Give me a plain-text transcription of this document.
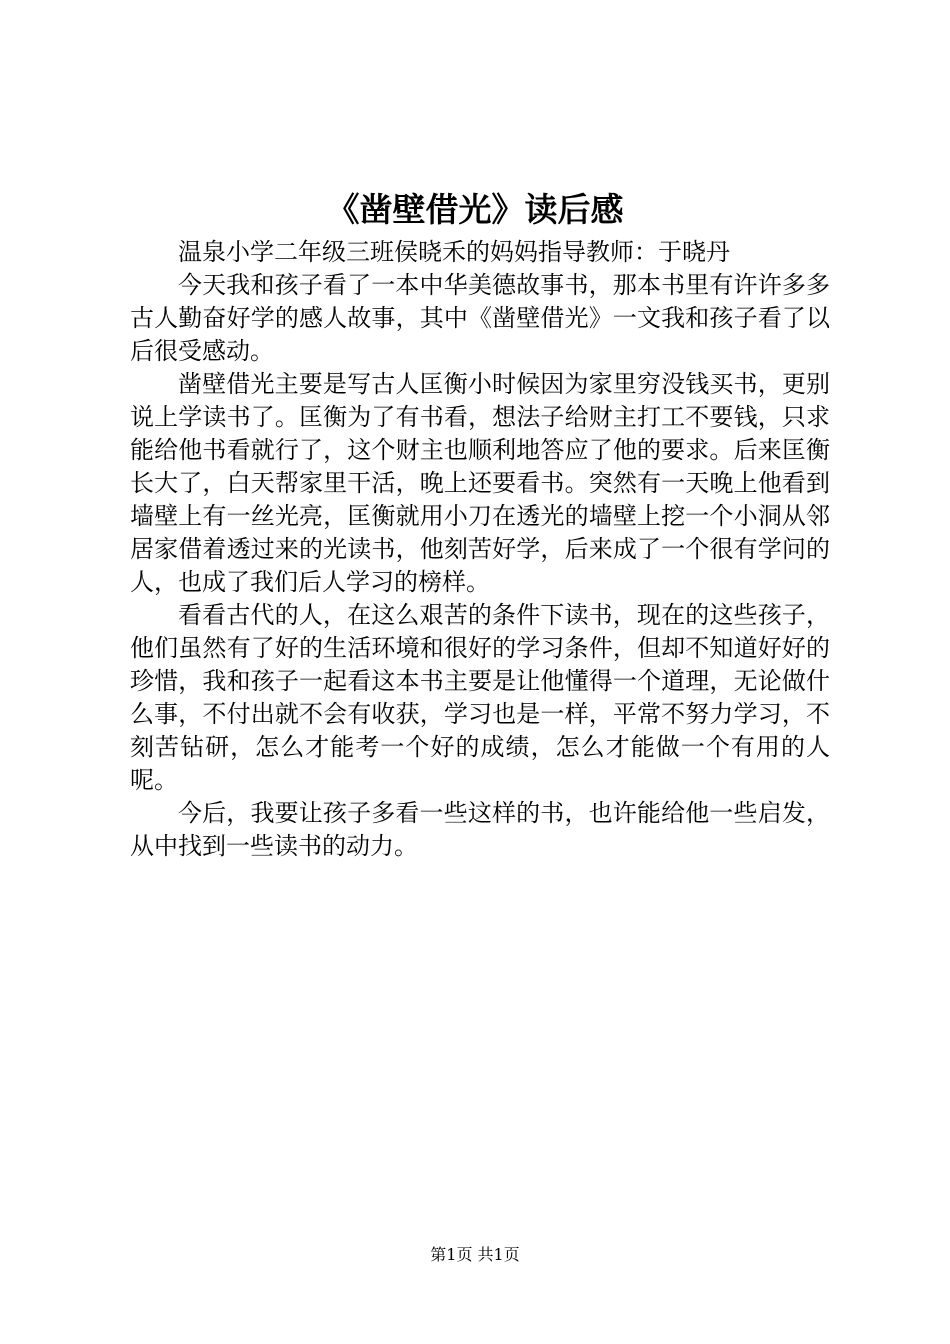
《凿壁借光》读后感

温泉小学二年级三班侯晓禾的妈妈指导教师：于晓丹

今天我和孩子看了一本中华美德故事书，那本书里有许许多多古人勤奋好学的感人故事，其中《凿壁借光》一文我和孩子看了以后很受感动。

凿壁借光主要是写古人匡衡小时候因为家里穷没钱买书，更别说上学读书了。匡衡为了有书看，想法子给财主打工不要钱，只求能给他书看就行了，这个财主也顺利地答应了他的要求。后来匡衡长大了，白天帮家里干活，晚上还要看书。突然有一天晚上他看到墙壁上有一丝光亮，匡衡就用小刀在透光的墙壁上挖一个小洞从邻居家借着透过来的光读书，他刻苦好学，后来成了一个很有学问的人，也成了我们后人学习的榜样。

看看古代的人，在这么艰苦的条件下读书，现在的这些孩子，他们虽然有了好的生活环境和很好的学习条件，但却不知道好好的珍惜，我和孩子一起看这本书主要是让他懂得一个道理，无论做什么事，不付出就不会有收获，学习也是一样，平常不努力学习，不刻苦钻研，怎么才能考一个好的成绩，怎么才能做一个有用的人呢。

今后，我要让孩子多看一些这样的书，也许能给他一些启发，从中找到一些读书的动力。

第1页 共1页
